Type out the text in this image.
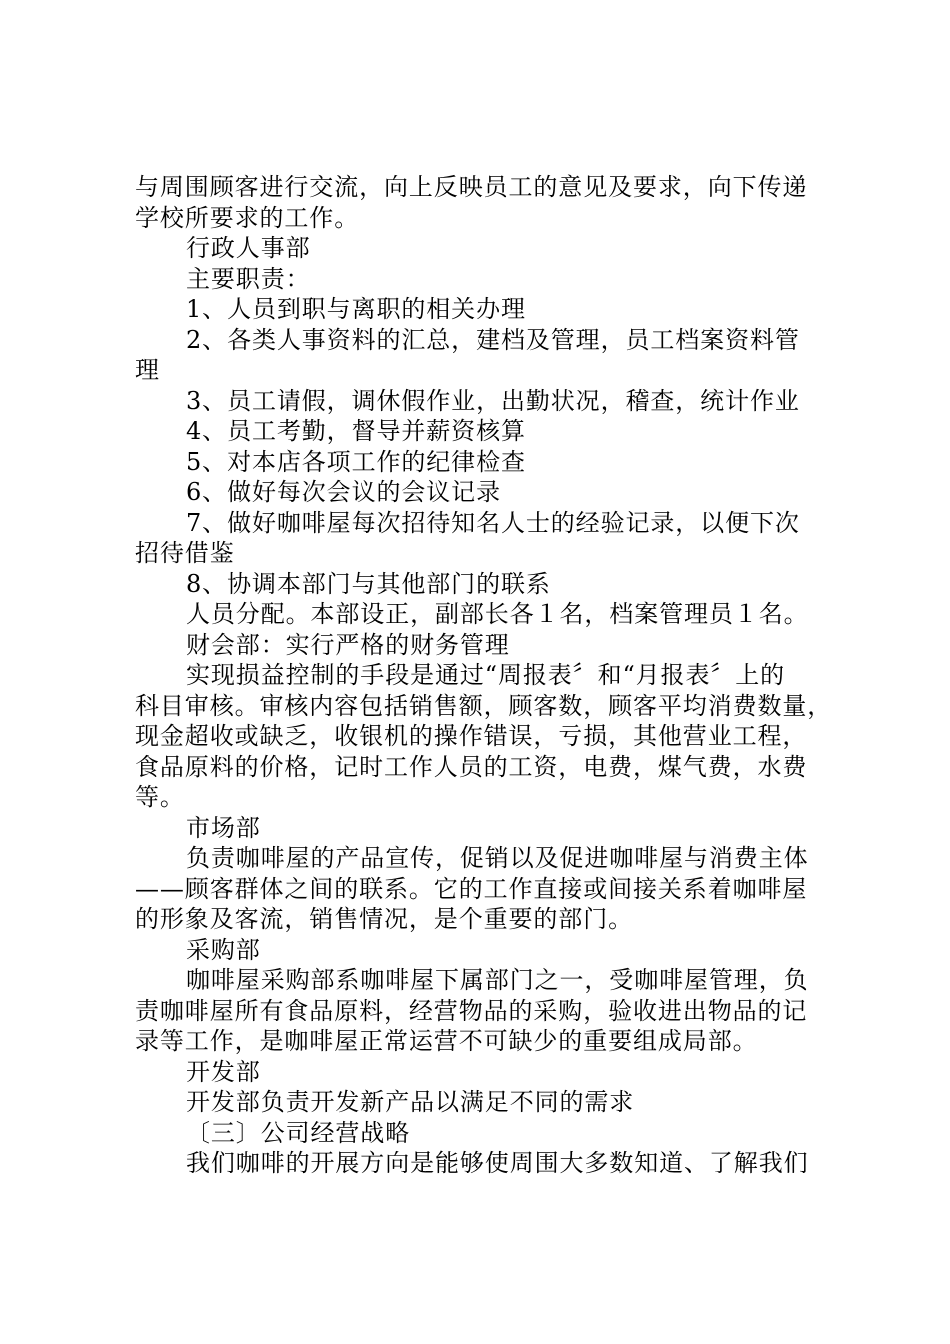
与周围顾客进行交流，向上反映员工的意见及要求，向下传递
学校所要求的工作。
行政人事部
主要职责：
1、人员到职与离职的相关办理
2、各类人事资料的汇总，建档及管理，员工档案资料管
理
3、员工请假，调休假作业，出勤状况，稽查，统计作业
4、员工考勤，督导并薪资核算
5、对本店各项工作的纪律检查
6、做好每次会议的会议记录
7、做好咖啡屋每次招待知名人士的经验记录，以便下次
招待借鉴
8、协调本部门与其他部门的联系
人员分配。本部设正，副部长各１名，档案管理员１名。
财会部：实行严格的财务管理
实现损益控制的手段是通过“周报表〞和“月报表〞上的
科目审核。审核内容包括销售额，顾客数，顾客平均消费数量，
现金超收或缺乏，收银机的操作错误，亏损，其他营业工程，
食品原料的价格，记时工作人员的工资，电费，煤气费，水费
等。
市场部
负责咖啡屋的产品宣传，促销以及促进咖啡屋与消费主体
——顾客群体之间的联系。它的工作直接或间接关系着咖啡屋
的形象及客流，销售情况，是个重要的部门。
采购部
咖啡屋采购部系咖啡屋下属部门之一，受咖啡屋管理，负
责咖啡屋所有食品原料，经营物品的采购，验收进出物品的记
录等工作，是咖啡屋正常运营不可缺少的重要组成局部。
开发部
开发部负责开发新产品以满足不同的需求
〔三〕公司经营战略
我们咖啡的开展方向是能够使周围大多数知道、了解我们
